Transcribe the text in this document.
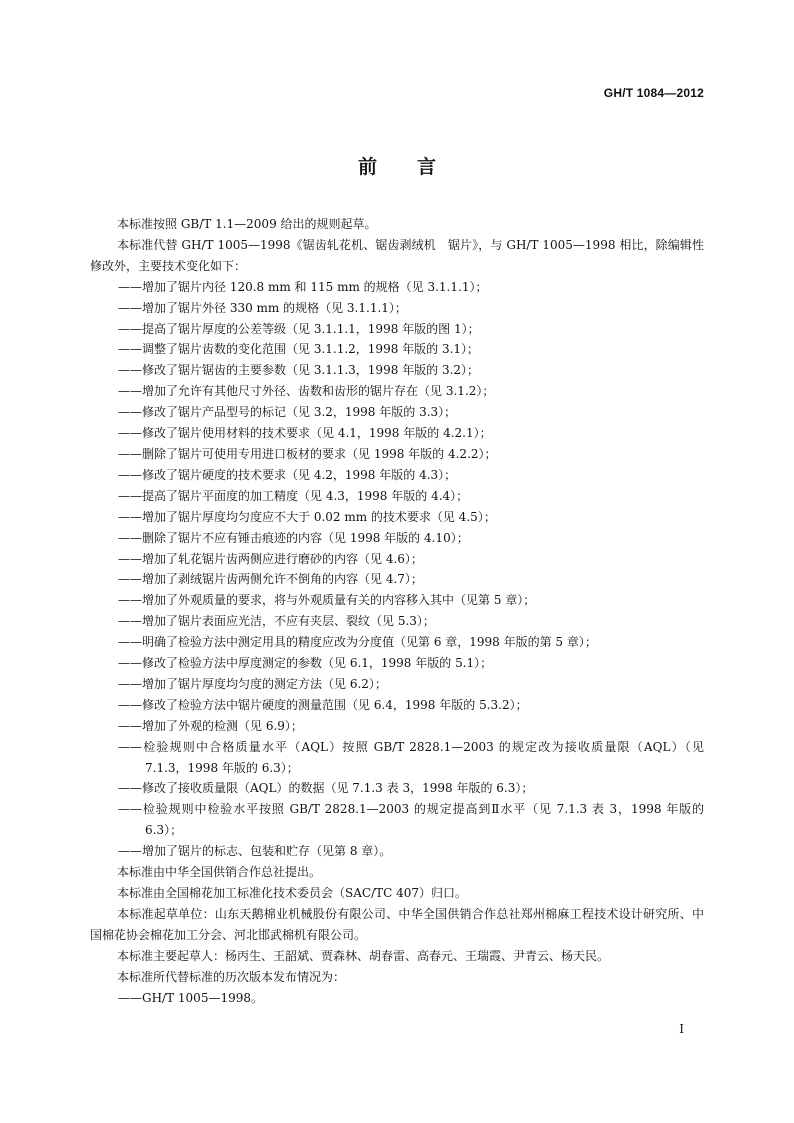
GH/T 1084—2012
前 言

本标准按照 GB/T 1.1—2009 给出的规则起草。

本标准代替 GH/T 1005—1998《锯齿轧花机、锯齿剥绒机　锯片》，与 GH/T 1005—1998 相比，除编辑性修改外，主要技术变化如下：

——增加了锯片内径 120.8 mm 和 115 mm 的规格（见 3.1.1.1）；

——增加了锯片外径 330 mm 的规格（见 3.1.1.1）；

——提高了锯片厚度的公差等级（见 3.1.1.1，1998 年版的图 1）；

——调整了锯片齿数的变化范围（见 3.1.1.2，1998 年版的 3.1）；

——修改了锯片锯齿的主要参数（见 3.1.1.3，1998 年版的 3.2）；

——增加了允许有其他尺寸外径、齿数和齿形的锯片存在（见 3.1.2）；

——修改了锯片产品型号的标记（见 3.2，1998 年版的 3.3）；

——修改了锯片使用材料的技术要求（见 4.1，1998 年版的 4.2.1）；

——删除了锯片可使用专用进口板材的要求（见 1998 年版的 4.2.2）；

——修改了锯片硬度的技术要求（见 4.2，1998 年版的 4.3）；

——提高了锯片平面度的加工精度（见 4.3，1998 年版的 4.4）；

——增加了锯片厚度均匀度应不大于 0.02 mm 的技术要求（见 4.5）；

——删除了锯片不应有锤击痕迹的内容（见 1998 年版的 4.10）；

——增加了轧花锯片齿两侧应进行磨砂的内容（见 4.6）；

——增加了剥绒锯片齿两侧允许不倒角的内容（见 4.7）；

——增加了外观质量的要求，将与外观质量有关的内容移入其中（见第 5 章）；

——增加了锯片表面应光洁，不应有夹层、裂纹（见 5.3）；

——明确了检验方法中测定用具的精度应改为分度值（见第 6 章，1998 年版的第 5 章）；

——修改了检验方法中厚度测定的参数（见 6.1，1998 年版的 5.1）；

——增加了锯片厚度均匀度的测定方法（见 6.2）；

——修改了检验方法中锯片硬度的测量范围（见 6.4，1998 年版的 5.3.2）；

——增加了外观的检测（见 6.9）；

——检验规则中合格质量水平（AQL）按照 GB/T 2828.1—2003 的规定改为接收质量限（AQL）（见 7.1.3，1998 年版的 6.3）；

——修改了接收质量限（AQL）的数据（见 7.1.3 表 3，1998 年版的 6.3）；

——检验规则中检验水平按照 GB/T 2828.1—2003 的规定提高到Ⅱ水平（见 7.1.3 表 3，1998 年版的 6.3）；

——增加了锯片的标志、包装和贮存（见第 8 章）。

本标准由中华全国供销合作总社提出。

本标准由全国棉花加工标准化技术委员会（SAC/TC 407）归口。

本标准起草单位：山东天鹅棉业机械股份有限公司、中华全国供销合作总社郑州棉麻工程技术设计研究所、中国棉花协会棉花加工分会、河北邯武棉机有限公司。

本标准主要起草人：杨丙生、王韶斌、贾森林、胡春雷、高春元、王瑞霞、尹青云、杨天民。

本标准所代替标准的历次版本发布情况为：

——GH/T 1005—1998。

I
